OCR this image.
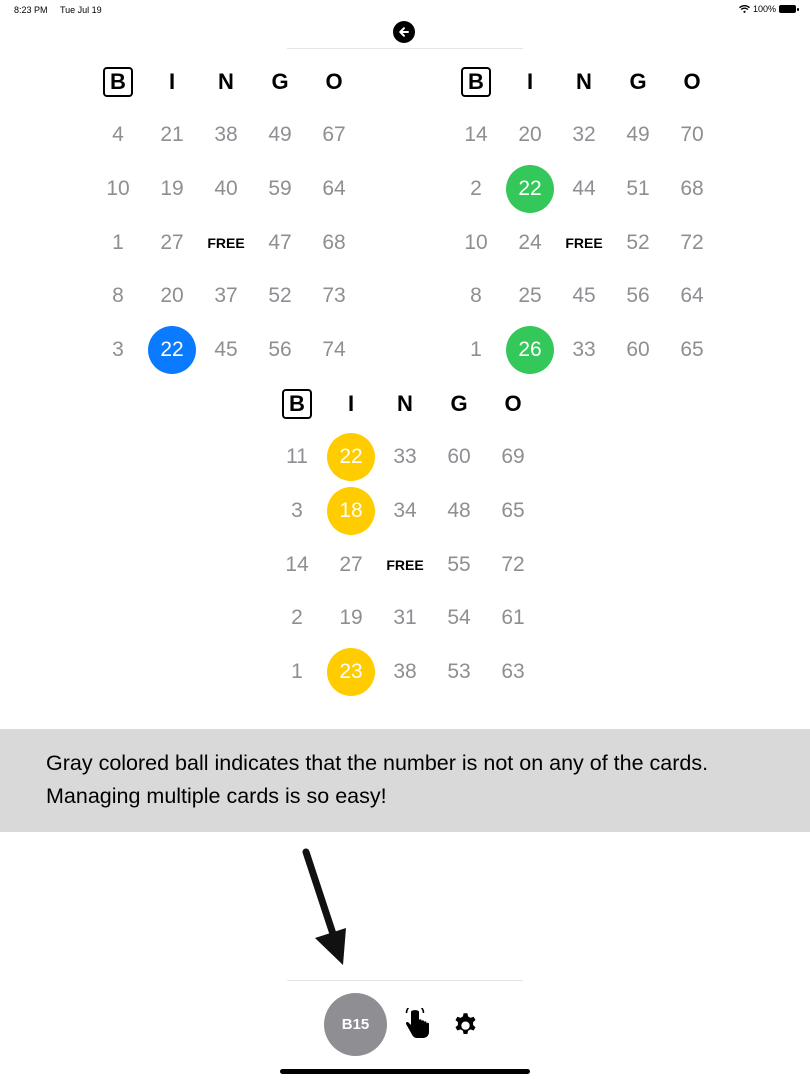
8:23 PM Tue Jul 19	100%
B	I	N	G	O
4	21	38	49	67
10	19	40	59	64
1	27	FREE	47	68
8	20	37	52	73
3	22	45	56	74
B	I	N	G	O
14	20	32	49	70
2	22	44	51	68
10	24	FREE	52	72
8	25	45	56	64
1	26	33	60	65
B	I	N	G	O
11	22	33	60	69
3	18	34	48	65
14	27	FREE	55	72
2	19	31	54	61
1	23	38	53	63
Gray colored ball indicates that the number is not on any of the cards.
Managing multiple cards is so easy!
B15
